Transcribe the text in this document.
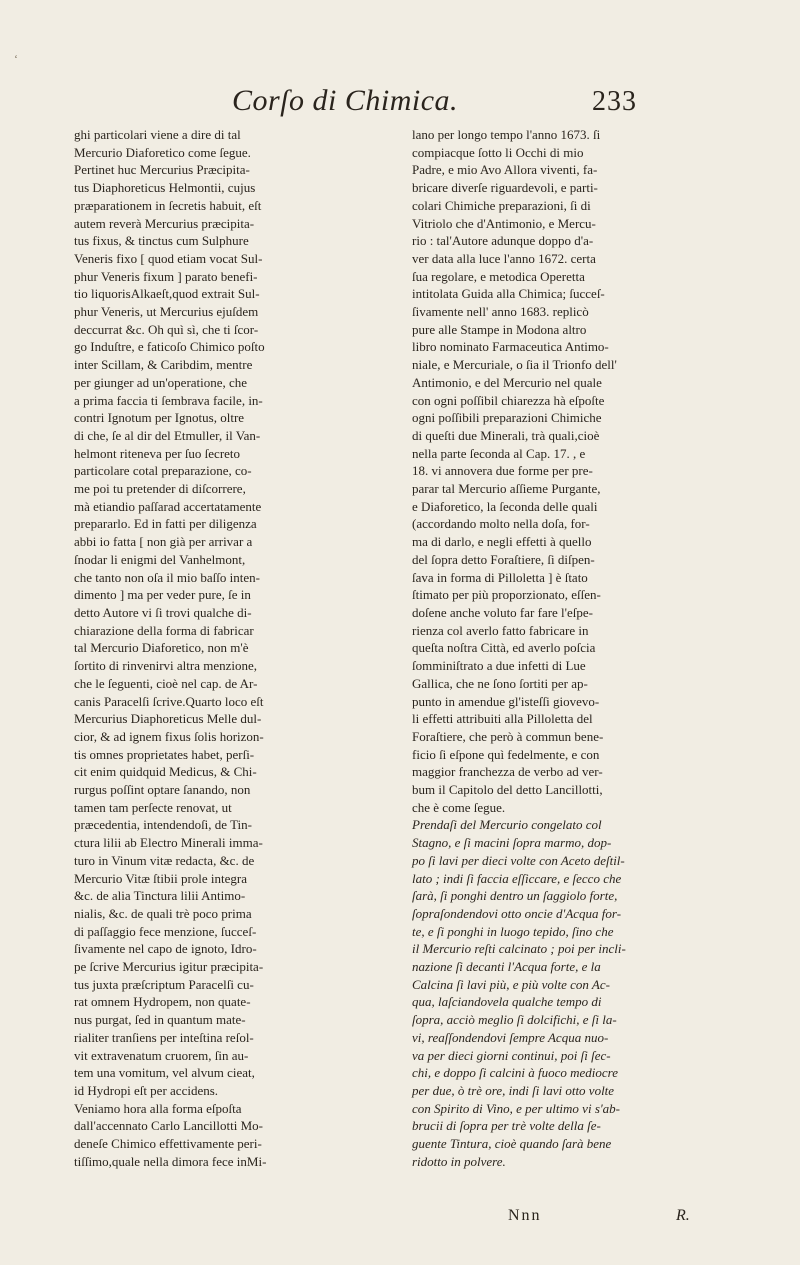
‘
Corſo di Chimica.	233
ghi particolari viene a dire di tal
Mercurio Diaforetico come ſegue.
Pertinet huc Mercurius Præcipita-
tus Diaphoreticus Helmontii, cujus
præparationem in ſecretis habuit, eſt
autem reverà Mercurius præcipita-
tus fixus, & tinctus cum Sulphure
Veneris fixo [ quod etiam vocat Sul-
phur Veneris fixum ] parato benefi-
tio liquorisAlkaeſt,quod extrait Sul-
phur Veneris, ut Mercurius ejuſdem
deccurrat &c. Oh quì sì, che ti ſcor-
go Induſtre, e faticoſo Chimico poſto
inter Scillam, & Caribdim, mentre
per giunger ad un'operatione, che
a prima faccia ti ſembrava facile, in-
contri Ignotum per Ignotus, oltre
di che, ſe al dir del Etmuller, il Van-
helmont riteneva per ſuo ſecreto
particolare cotal preparazione, co-
me poi tu pretender di diſcorrere,
mà etiandio paſſarad accertatamente
prepararlo. Ed in fatti per diligenza
abbi io fatta [ non già per arrivar a
ſnodar li enigmi del Vanhelmont,
che tanto non oſa il mio baſſo inten-
dimento ] ma per veder pure, ſe in
detto Autore vi ſi trovi qualche di-
chiarazione della forma di fabricar
tal Mercurio Diaforetico, non m'è
ſortito di rinvenirvi altra menzione,
che le ſeguenti, cioè nel cap. de Ar-
canis Paracelſi ſcrive.Quarto loco eſt
Mercurius Diaphoreticus Melle dul-
cior, & ad ignem fixus ſolis horizon-
tis omnes proprietates habet, perſi-
cit enim quidquid Medicus, & Chi-
rurgus poſſint optare ſanando, non
tamen tam perſecte renovat, ut
præcedentia, intendendoſi, de Tin-
ctura lilii ab Electro Minerali imma-
turo in Vinum vitæ redacta, &c. de
Mercurio Vitæ ſtibii prole integra
&c. de alia Tinctura lilii Antimo-
nialis, &c. de quali trè poco prima
di paſſaggio fece menzione, ſucceſ-
ſivamente nel capo de ignoto, Idro-
pe ſcrive Mercurius igitur præcipita-
tus juxta præſcriptum Paracelſi cu-
rat omnem Hydropem, non quate-
nus purgat, ſed in quantum mate-
rialiter tranſiens per inteſtina reſol-
vit extravenatum cruorem, ſin au-
tem una vomitum, vel alvum cieat,
id Hydropi eſt per accidens.
Veniamo hora alla forma eſpoſta
dall'accennato Carlo Lancillotti Mo-
deneſe Chimico effettivamente peri-
tiſſimo,quale nella dimora fece inMi-
lano per longo tempo l'anno 1673. ſi
compiacque ſotto li Occhi di mio
Padre, e mio Avo Allora viventi, fa-
bricare diverſe riguardevoli, e parti-
colari Chimiche preparazioni, ſi di
Vitriolo che d'Antimonio, e Mercu-
rio : tal'Autore adunque doppo d'a-
ver data alla luce l'anno 1672. certa
ſua regolare, e metodica Operetta
intitolata Guida alla Chimica; ſucceſ-
ſivamente nell' anno 1683. replicò
pure alle Stampe in Modona altro
libro nominato Farmaceutica Antimo-
niale, e Mercuriale, o ſia il Trionfo dell'
Antimonio, e del Mercurio nel quale
con ogni poſſibil chiarezza hà eſpoſte
ogni poſſibili preparazioni Chimiche
di queſti due Minerali, trà quali,cioè
nella parte ſeconda al Cap. 17. , e
18. vi annovera due forme per pre-
parar tal Mercurio aſſieme Purgante,
e Diaforetico, la ſeconda delle quali
(accordando molto nella doſa, for-
ma di darlo, e negli effetti à quello
del ſopra detto Foraſtiere, ſi diſpen-
ſava in forma di Pilloletta ] è ſtato
ſtimato per più proporzionato, eſſen-
doſene anche voluto far fare l'eſpe-
rienza col averlo fatto fabricare in
queſta noſtra Città, ed averlo poſcia
ſomminiſtrato a due infetti di Lue
Gallica, che ne ſono ſortiti per ap-
punto in amendue gl'isteſſi giovevo-
li effetti attribuiti alla Pilloletta del
Foraſtiere, che però à commun bene-
ficio ſi eſpone quì fedelmente, e con
maggior franchezza de verbo ad ver-
bum il Capitolo del detto Lancillotti,
che è come ſegue.
Prendaſi del Mercurio congelato col
Stagno, e ſi macini ſopra marmo, dop-
po ſi lavi per dieci volte con Aceto deſtil-
lato ; indi ſi faccia eſſiccare, e ſecco che
ſarà, ſi ponghi dentro un ſaggiolo forte,
ſopraſondendovi otto oncie d'Acqua for-
te, e ſi ponghi in luogo tepido, ſino che
il Mercurio reſti calcinato ; poi per incli-
nazione ſi decanti l'Acqua forte, e la
Calcina ſi lavi più, e più volte con Ac-
qua, laſciandovela qualche tempo di
ſopra, acciò meglio ſi dolcifichi, e ſi la-
vi, reaſſondendovi ſempre Acqua nuo-
va per dieci giorni continui, poi ſi ſec-
chi, e doppo ſi calcini à fuoco mediocre
per due, ò trè ore, indi ſi lavi otto volte
con Spirito di Vino, e per ultimo vi s'ab-
brucii di ſopra per trè volte della ſe-
guente Tintura, cioè quando ſarà bene
ridotto in polvere.
Nnn	R.
